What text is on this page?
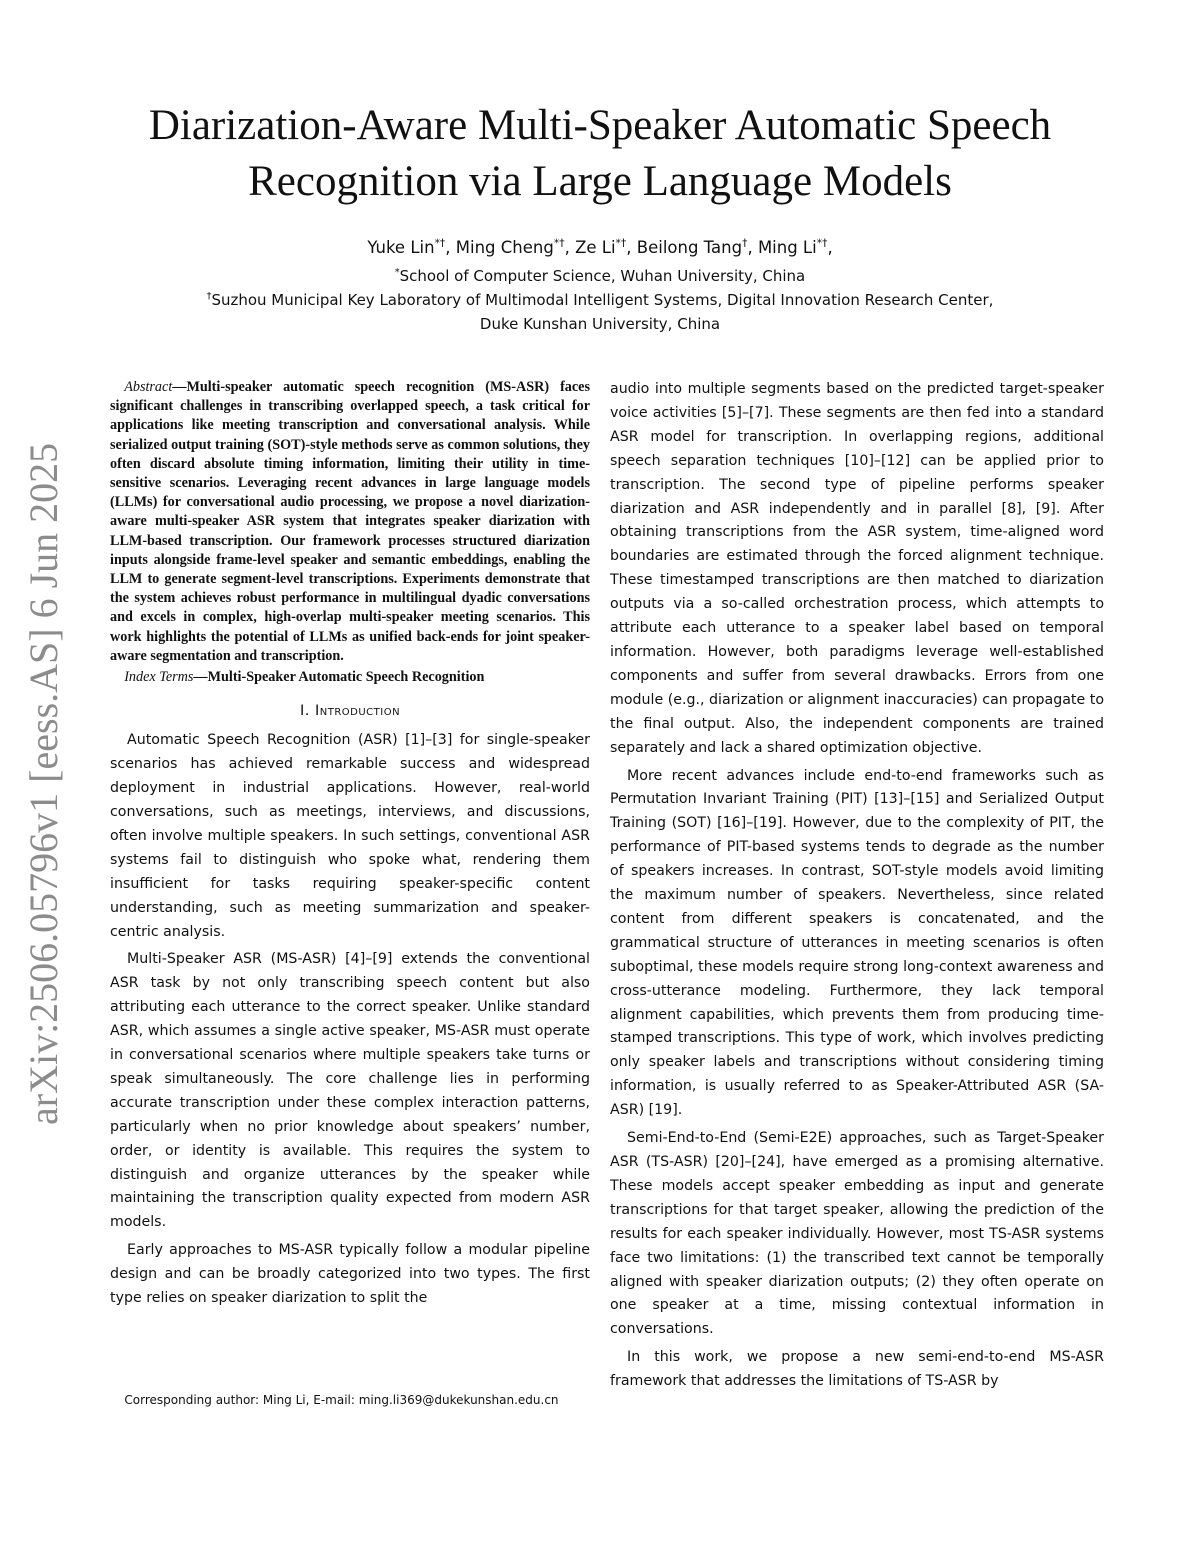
arXiv:2506.05796v1 [eess.AS] 6 Jun 2025
Diarization-Aware Multi-Speaker Automatic Speech Recognition via Large Language Models
Yuke Lin*†, Ming Cheng*†, Ze Li*†, Beilong Tang†, Ming Li*†,
*School of Computer Science, Wuhan University, China
†Suzhou Municipal Key Laboratory of Multimodal Intelligent Systems, Digital Innovation Research Center,
Duke Kunshan University, China

Abstract—Multi-speaker automatic speech recognition (MS-ASR) faces significant challenges in transcribing overlapped speech, a task critical for applications like meeting transcription and conversational analysis. While serialized output training (SOT)-style methods serve as common solutions, they often discard absolute timing information, limiting their utility in time-sensitive scenarios. Leveraging recent advances in large language models (LLMs) for conversational audio processing, we propose a novel diarization-aware multi-speaker ASR system that integrates speaker diarization with LLM-based transcription. Our framework processes structured diarization inputs alongside frame-level speaker and semantic embeddings, enabling the LLM to generate segment-level transcriptions. Experiments demonstrate that the system achieves robust performance in multilingual dyadic conversations and excels in complex, high-overlap multi-speaker meeting scenarios. This work highlights the potential of LLMs as unified back-ends for joint speaker-aware segmentation and transcription.

Index Terms—Multi-Speaker Automatic Speech Recognition

I. Introduction

Automatic Speech Recognition (ASR) [1]–[3] for single-speaker scenarios has achieved remarkable success and widespread deployment in industrial applications. However, real-world conversations, such as meetings, interviews, and discussions, often involve multiple speakers. In such settings, conventional ASR systems fail to distinguish who spoke what, rendering them insufficient for tasks requiring speaker-specific content understanding, such as meeting summarization and speaker-centric analysis.

Multi-Speaker ASR (MS-ASR) [4]–[9] extends the conventional ASR task by not only transcribing speech content but also attributing each utterance to the correct speaker. Unlike standard ASR, which assumes a single active speaker, MS-ASR must operate in conversational scenarios where multiple speakers take turns or speak simultaneously. The core challenge lies in performing accurate transcription under these complex interaction patterns, particularly when no prior knowledge about speakers’ number, order, or identity is available. This requires the system to distinguish and organize utterances by the speaker while maintaining the transcription quality expected from modern ASR models.

Early approaches to MS-ASR typically follow a modular pipeline design and can be broadly categorized into two types. The first type relies on speaker diarization to split the

Corresponding author: Ming Li, E-mail: ming.li369@dukekunshan.edu.cn

audio into multiple segments based on the predicted target-speaker voice activities [5]–[7]. These segments are then fed into a standard ASR model for transcription. In overlapping regions, additional speech separation techniques [10]–[12] can be applied prior to transcription. The second type of pipeline performs speaker diarization and ASR independently and in parallel [8], [9]. After obtaining transcriptions from the ASR system, time-aligned word boundaries are estimated through the forced alignment technique. These timestamped transcriptions are then matched to diarization outputs via a so-called orchestration process, which attempts to attribute each utterance to a speaker label based on temporal information. However, both paradigms leverage well-established components and suffer from several drawbacks. Errors from one module (e.g., diarization or alignment inaccuracies) can propagate to the final output. Also, the independent components are trained separately and lack a shared optimization objective.

More recent advances include end-to-end frameworks such as Permutation Invariant Training (PIT) [13]–[15] and Serialized Output Training (SOT) [16]–[19]. However, due to the complexity of PIT, the performance of PIT-based systems tends to degrade as the number of speakers increases. In contrast, SOT-style models avoid limiting the maximum number of speakers. Nevertheless, since related content from different speakers is concatenated, and the grammatical structure of utterances in meeting scenarios is often suboptimal, these models require strong long-context awareness and cross-utterance modeling. Furthermore, they lack temporal alignment capabilities, which prevents them from producing time-stamped transcriptions. This type of work, which involves predicting only speaker labels and transcriptions without considering timing information, is usually referred to as Speaker-Attributed ASR (SA-ASR) [19].

Semi-End-to-End (Semi-E2E) approaches, such as Target-Speaker ASR (TS-ASR) [20]–[24], have emerged as a promising alternative. These models accept speaker embedding as input and generate transcriptions for that target speaker, allowing the prediction of the results for each speaker individually. However, most TS-ASR systems face two limitations: (1) the transcribed text cannot be temporally aligned with speaker diarization outputs; (2) they often operate on one speaker at a time, missing contextual information in conversations.

In this work, we propose a new semi-end-to-end MS-ASR framework that addresses the limitations of TS-ASR by
